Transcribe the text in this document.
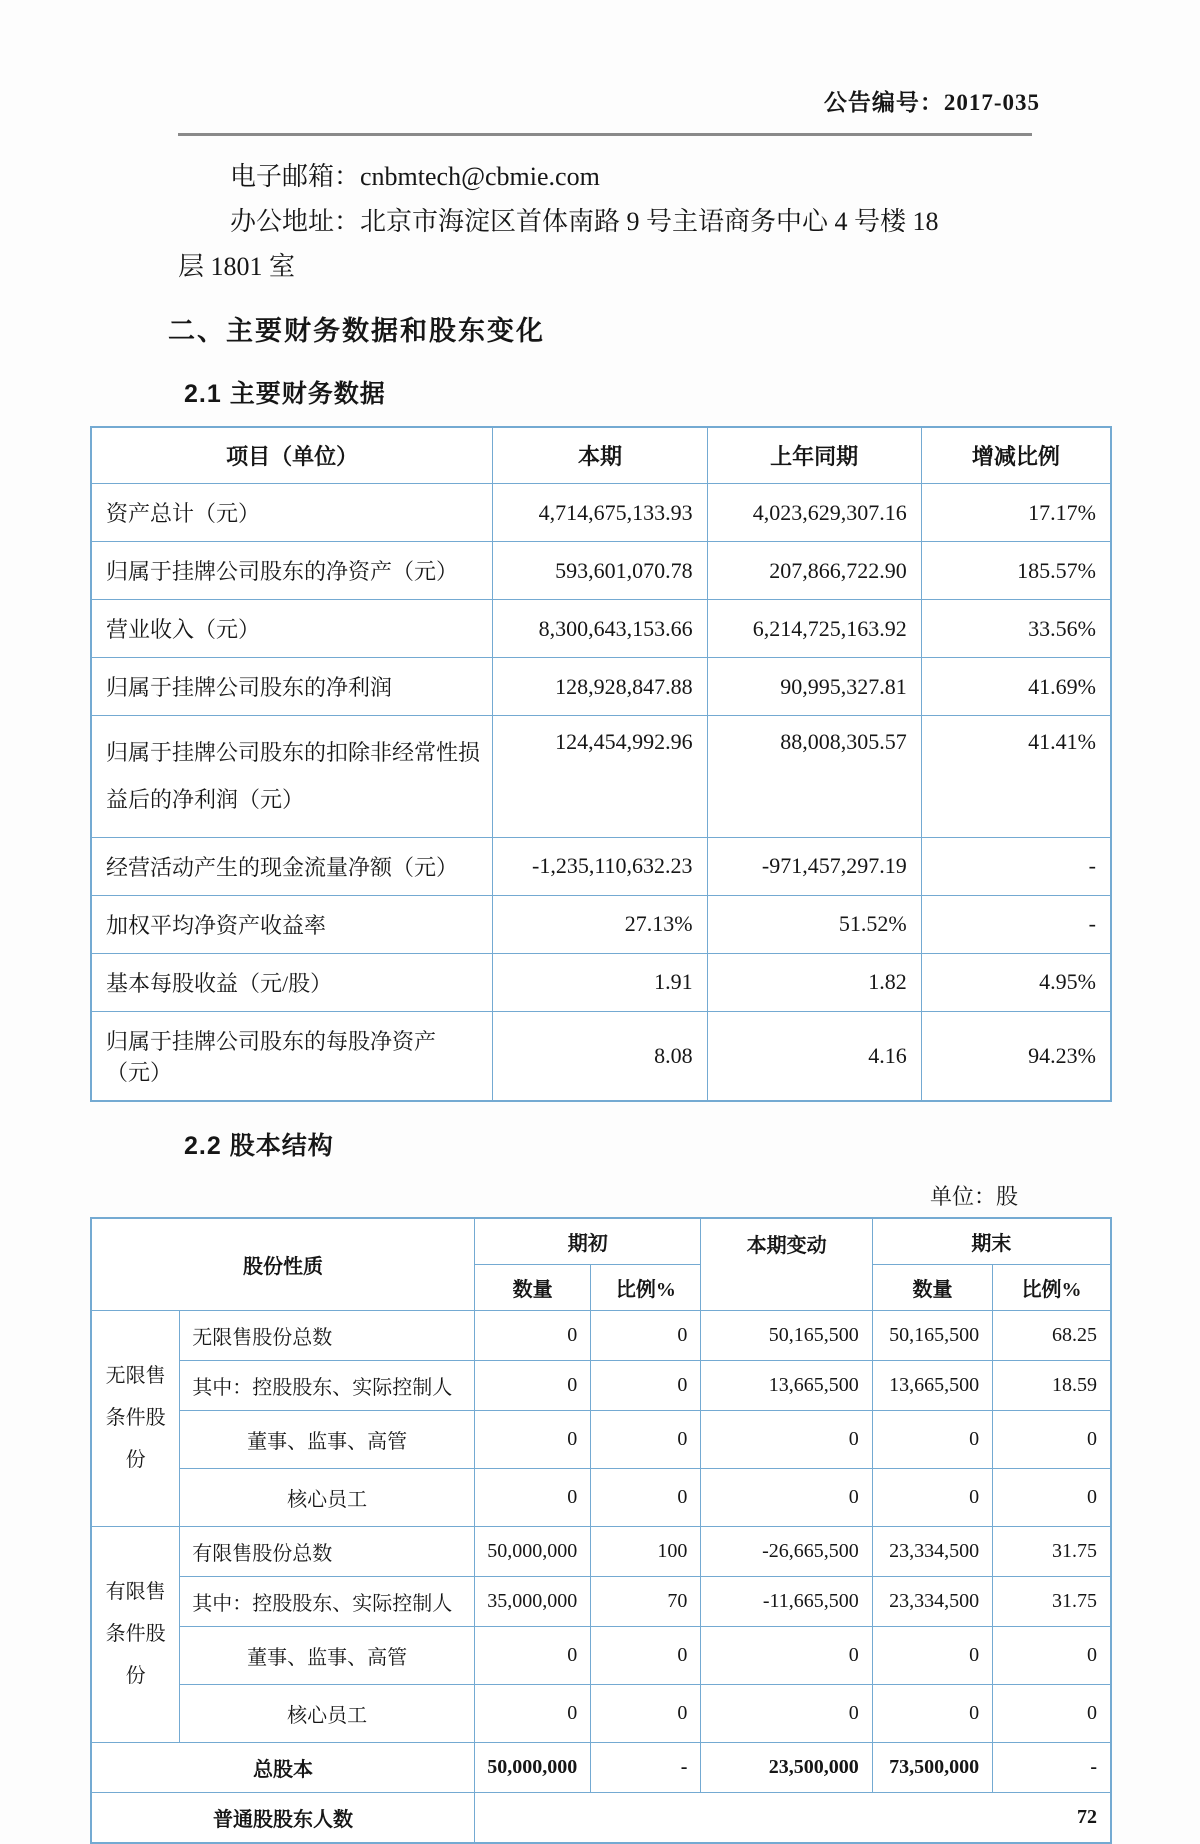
公告编号：2017-035

电子邮箱：cnbmtech@cbmie.com

办公地址：北京市海淀区首体南路 9 号主语商务中心 4 号楼 18

层 1801 室

二、主要财务数据和股东变化
2.1 主要财务数据
项目（单位）	本期	上年同期	增减比例
资产总计（元）	4,714,675,133.93	4,023,629,307.16	17.17%
归属于挂牌公司股东的净资产（元）	593,601,070.78	207,866,722.90	185.57%
营业收入（元）	8,300,643,153.66	6,214,725,163.92	33.56%
归属于挂牌公司股东的净利润	128,928,847.88	90,995,327.81	41.69%
归属于挂牌公司股东的扣除非经常性损益后的净利润（元）	124,454,992.96	88,008,305.57	41.41%
经营活动产生的现金流量净额（元）	-1,235,110,632.23	-971,457,297.19	-
加权平均净资产收益率	27.13%	51.52%	-
基本每股收益（元/股）	1.91	1.82	4.95%
归属于挂牌公司股东的每股净资产（元）	8.08	4.16	94.23%
2.2 股本结构
单位：股
股份性质		期初		本期变动	期末	
		数量	比例%		数量	比例%
无限售条件股份	无限售股份总数	0	0	50,165,500	50,165,500	68.25
	其中：控股股东、实际控制人	0	0	13,665,500	13,665,500	18.59
	董事、监事、高管	0	0	0	0	0
	核心员工	0	0	0	0	0
有限售条件股份	有限售股份总数	50,000,000	100	-26,665,500	23,334,500	31.75
	其中：控股股东、实际控制人	35,000,000	70	-11,665,500	23,334,500	31.75
	董事、监事、高管	0	0	0	0	0
	核心员工	0	0	0	0	0
总股本		50,000,000	-	23,500,000	73,500,000	-
普通股股东人数		72				
